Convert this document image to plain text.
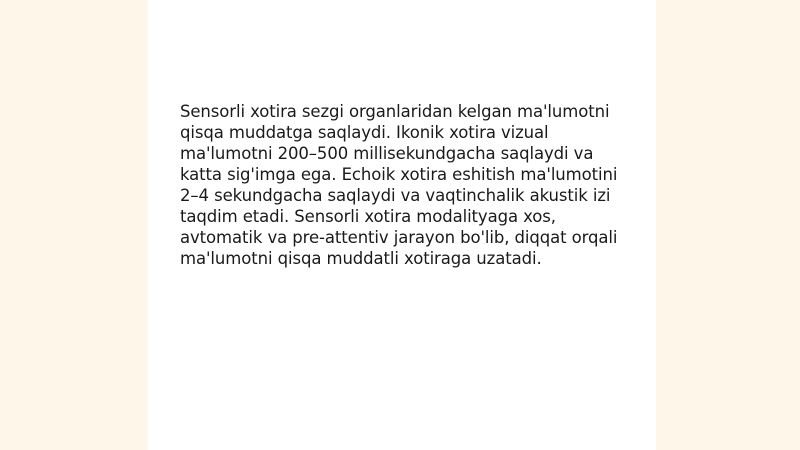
Sensorli xotira sezgi organlaridan kelgan ma'lumotni
qisqa muddatga saqlaydi. Ikonik xotira vizual
ma'lumotni 200–500 millisekundgacha saqlaydi va
katta sig'imga ega. Echoik xotira eshitish ma'lumotini
2–4 sekundgacha saqlaydi va vaqtinchalik akustik izi
taqdim etadi. Sensorli xotira modalityaga xos,
avtomatik va pre-attentiv jarayon bo'lib, diqqat orqali
ma'lumotni qisqa muddatli xotiraga uzatadi.
